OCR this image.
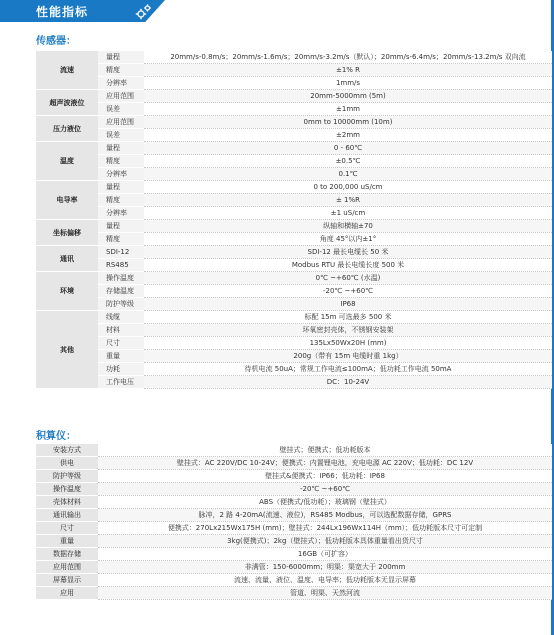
性能指标
传感器：
流速	量程	20mm/s-0.8m/s；20mm/s-1.6m/s；20mm/s-3.2m/s（默认）；20mm/s-6.4m/s；20mm/s-13.2m/s 双向流
	精度	±1% R
	分辨率	1mm/s
超声波液位	应用范围	20mm-5000mm (5m)
	误差	±1mm
压力液位	应用范围	0mm to 10000mm (10m)
	误差	±2mm
温度	量程	0 - 60℃
	精度	±0.5℃
	分辨率	0.1℃
电导率	量程	0 to 200,000 uS/cm
	精度	± 1%R
	分辨率	±1 uS/cm
坐标偏移	量程	纵轴和横轴±70
	精度	角度 45°以内±1°
通讯	SDI-12	SDI-12 最长电缆长 50 米
	RS485	Modbus RTU 最长电缆长度 500 米
环境	操作温度	0℃ ~+60℃ (水温)
	存储温度	-20℃ ~+60℃
	防护等级	IP68
其他	线缆	标配 15m 可选最多 500 米
	材料	环氧密封壳体，不锈钢安装架
	尺寸	135Lx50Wx20H (mm)
	重量	200g（带有 15m 电缆时重 1kg）
	功耗	待机电流 50uA；常规工作电流≤100mA；低功耗工作电流 50mA
	工作电压	DC：10-24V
积算仪：
安装方式	壁挂式；便携式；低功耗版本
供电	壁挂式：AC 220V/DC 10-24V；便携式：内置锂电池，充电电源 AC 220V；低功耗：DC 12V
防护等级	壁挂式&便携式：IP66；低功耗：IP68
操作温度	-20℃ ~+60℃
壳体材料	ABS（便携式/低功耗）；玻璃钢（壁挂式）
通讯输出	脉冲，2 路 4-20mA(流速、液位)，RS485 Modbus，可以选配数据存储，GPRS
尺寸	便携式：270Lx215Wx175H (mm)；壁挂式：244Lx196Wx114H（mm）；低功耗版本尺寸可定制
重量	3kg(便携式)；2kg（壁挂式）；低功耗版本具体重量看出货尺寸
数据存储	16GB（可扩容）
应用范围	非满管：150-6000mm；明渠：渠宽大于 200mm
屏幕显示	流速、流量、液位、温度、电导率；低功耗版本无显示屏幕
应用	管道、明渠、天然河流
